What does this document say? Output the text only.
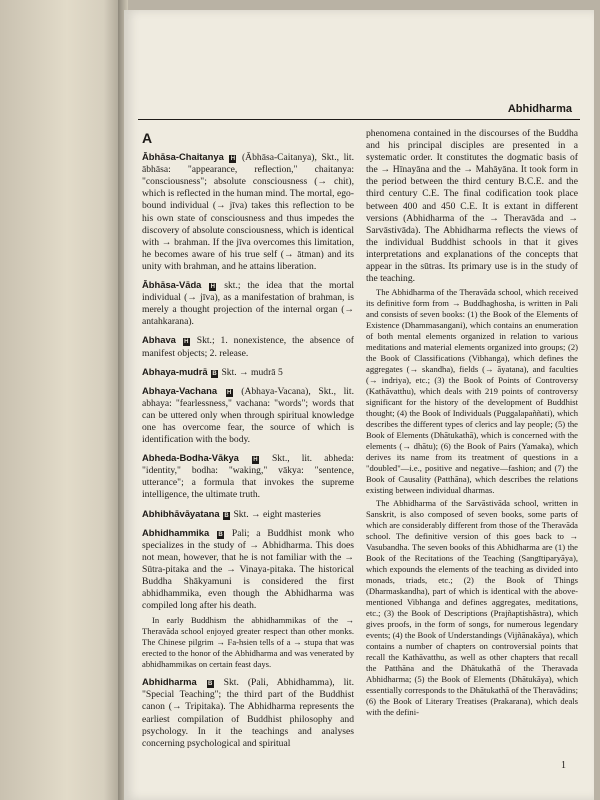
Abhidharma
A

Ābhāsa-Chaitanya H (Ābhāsa-Caitanya), Skt., lit. ābhāsa: "appearance, reflection," chaitanya: "consciousness"; absolute consciousness (→ chit), which is reflected in the human mind. The mortal, ego-bound individual (→ jīva) takes this reflection to be his own state of consciousness and thus impedes the discovery of absolute consciousness, which is identical with → brahman. If the jīva overcomes this limitation, he becomes aware of his true self (→ ātman) and its unity with brahman, and he attains liberation.

Ābhāsa-Vāda H skt.; the idea that the mortal individual (→ jīva), as a manifestation of brahman, is merely a thought projection of the internal organ (→ antahkarana).

Abhava H Skt.; 1. nonexistence, the absence of manifest objects; 2. release.

Abhaya-mudrā B Skt. → mudrā 5

Abhaya-Vachana H (Abhaya-Vacana), Skt., lit. abhaya: "fearlessness," vachana: "words"; words that can be uttered only when through spiritual knowledge one has overcome fear, the source of which is identification with the body.

Abheda-Bodha-Vākya H Skt., lit. abheda: "identity," bodha: "waking," vākya: "sentence, utterance"; a formula that invokes the supreme intelligence, the ultimate truth.

Abhibhāvāyatana B Skt. → eight masteries

Abhidhammika B Pali; a Buddhist monk who specializes in the study of → Abhidharma. This does not mean, however, that he is not familiar with the → Sūtra-pitaka and the → Vinaya-pitaka. The historical Buddha Shākyamuni is considered the first abhidhammika, even though the Abhidharma was compiled long after his death.

In early Buddhism the abhidhammikas of the → Theravāda school enjoyed greater respect than other monks. The Chinese pilgrim → Fa-hsien tells of a → stupa that was erected to the honor of the Abhidharma and was venerated by abhidhammikas on certain feast days.

Abhidharma B Skt. (Pali, Abhidhamma), lit. "Special Teaching"; the third part of the Buddhist canon (→ Tripitaka). The Abhidharma represents the earliest compilation of Buddhist philosophy and psychology. In it the teachings and analyses concerning psychological and spiritual

phenomena contained in the discourses of the Buddha and his principal disciples are presented in a systematic order. It constitutes the dogmatic basis of the → Hīnayāna and the → Mahāyāna. It took form in the period between the third century B.C.E. and the third century C.E. The final codification took place between 400 and 450 C.E. It is extant in different versions (Abhidharma of the → Theravāda and → Sarvāstivāda). The Abhidharma reflects the views of the individual Buddhist schools in that it gives interpretations and explanations of the concepts that appear in the sūtras. Its primary use is in the study of the teaching.

The Abhidharma of the Theravāda school, which received its definitive form from → Buddhaghosha, is written in Pali and consists of seven books: (1) the Book of the Elements of Existence (Dhammasangani), which contains an enumeration of both mental elements organized in relation to various meditations and material elements organized into groups; (2) the Book of Classifications (Vibhanga), which defines the aggregates (→ skandha), fields (→ āyatana), and faculties (→ indriya), etc.; (3) the Book of Points of Controversy (Kathāvatthu), which deals with 219 points of controversy significant for the history of the development of Buddhist thought; (4) the Book of Individuals (Puggalapaññati), which describes the different types of clerics and lay people; (5) the Book of Elements (Dhātukathā), which is concerned with the elements (→ dhātu); (6) the Book of Pairs (Yamaka), which derives its name from its treatment of questions in a "doubled"—i.e., positive and negative—fashion; and (7) the Book of Causality (Patthāna), which describes the relations existing between individual dharmas.

The Abhidharma of the Sarvāstivāda school, written in Sanskrit, is also composed of seven books, some parts of which are considerably different from those of the Theravāda school. The definitive version of this goes back to → Vasubandha. The seven books of this Abhidharma are (1) the Book of the Recitations of the Teaching (Sangītiparyāya), which expounds the elements of the teaching as divided into monads, triads, etc.; (2) the Book of Things (Dharmaskandha), part of which is identical with the above-mentioned Vibhanga and defines aggregates, meditations, etc.; (3) the Book of Descriptions (Prajñaptishāstra), which gives proofs, in the form of songs, for numerous legendary events; (4) the Book of Understandings (Vijñānakāya), which contains a number of chapters on controversial points that recall the Kathāvatthu, as well as other chapters that recall the Patthāna and the Dhātukathā of the Theravada Abhidharma; (5) the Book of Elements (Dhātukāya), which essentially corresponds to the Dhātukathā of the Theravādins; (6) the Book of Literary Treatises (Prakarana), which deals with the defini-

1
